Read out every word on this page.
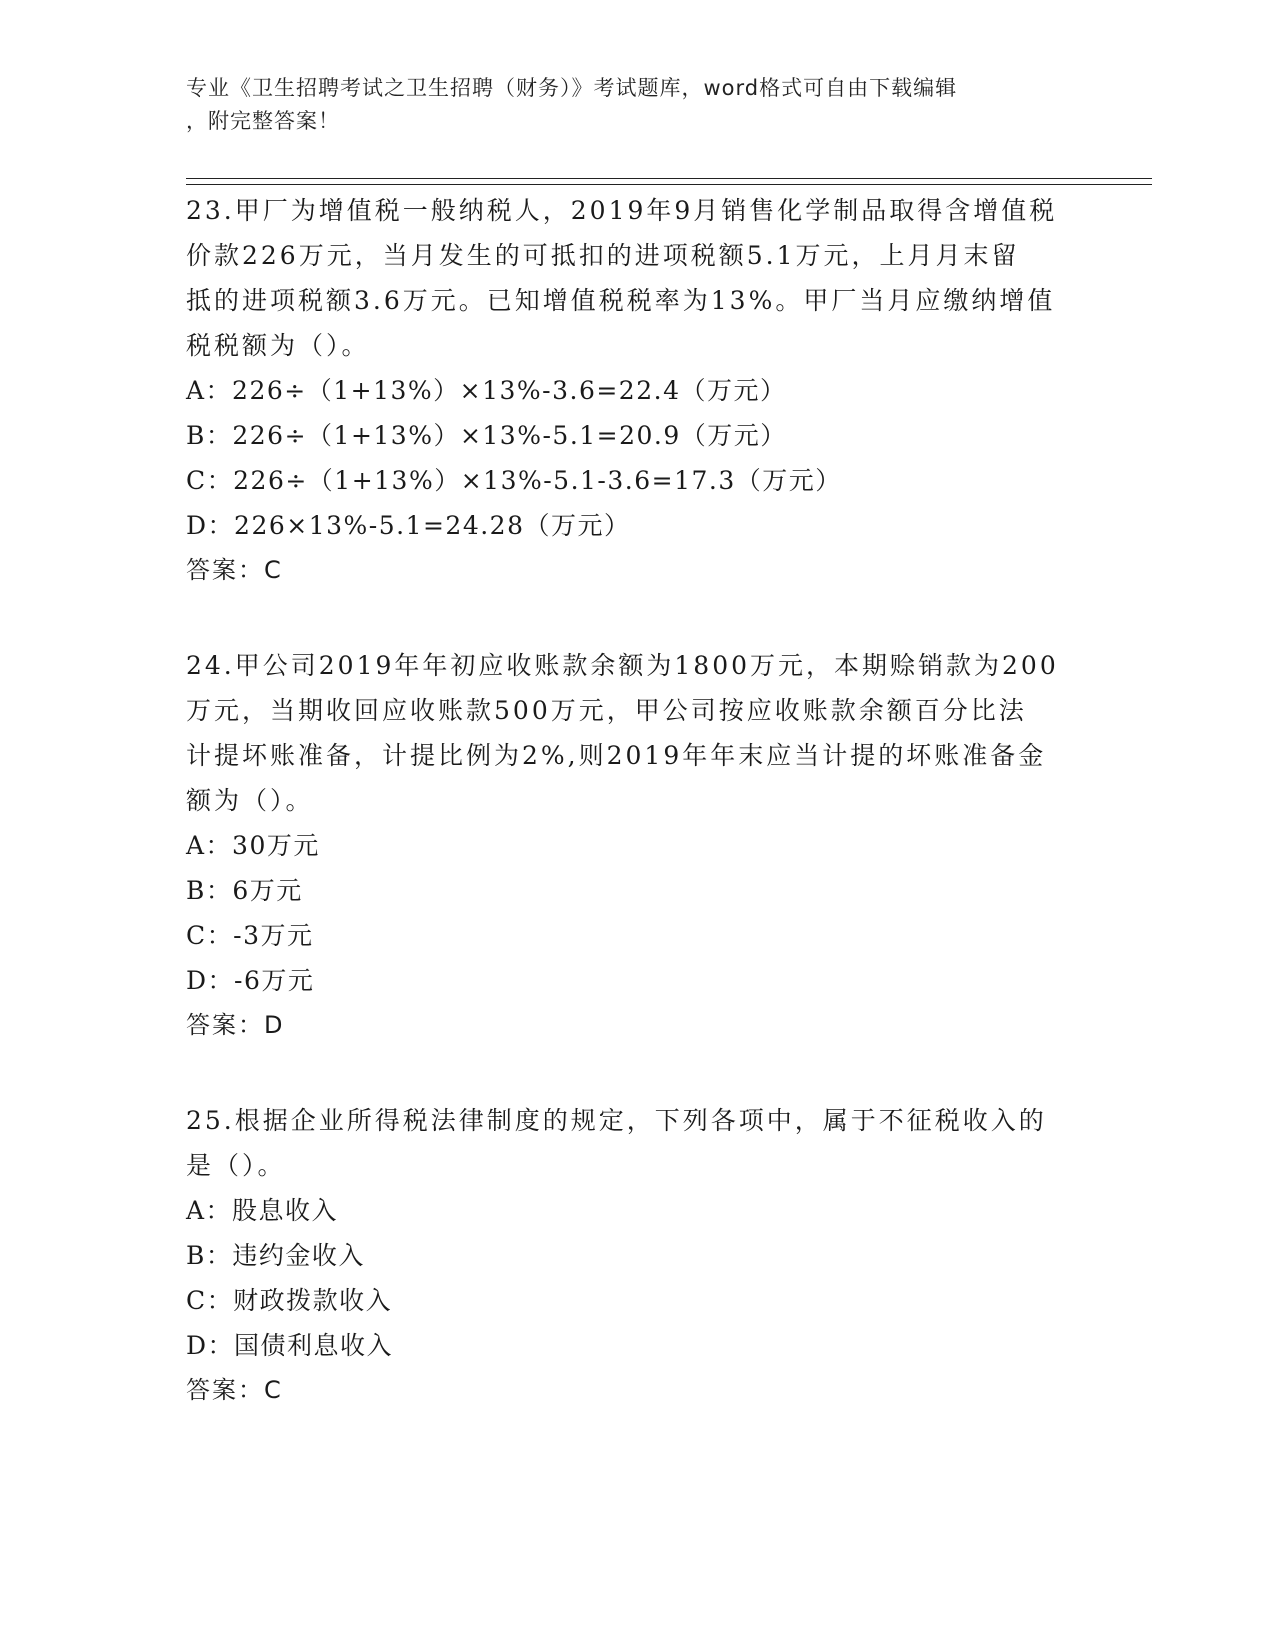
专业《卫生招聘考试之卫生招聘（财务）》考试题库，word格式可自由下载编辑
，附完整答案！

23.甲厂为增值税一般纳税人，2019年9月销售化学制品取得含增值税

价款226万元，当月发生的可抵扣的进项税额5.1万元，上月月末留

抵的进项税额3.6万元。已知增值税税率为13%。甲厂当月应缴纳增值

税税额为（）。

A：226÷（1+13%）×13%-3.6=22.4（万元）

B：226÷（1+13%）×13%-5.1=20.9（万元）

C：226÷（1+13%）×13%-5.1-3.6=17.3（万元）

D：226×13%-5.1=24.28（万元）

答案：C

24.甲公司2019年年初应收账款余额为1800万元，本期赊销款为200

万元，当期收回应收账款500万元，甲公司按应收账款余额百分比法

计提坏账准备，计提比例为2%,则2019年年末应当计提的坏账准备金

额为（）。

A：30万元

B：6万元

C：-3万元

D：-6万元

答案：D

25.根据企业所得税法律制度的规定，下列各项中，属于不征税收入的

是（）。

A：股息收入

B：违约金收入

C：财政拨款收入

D：国债利息收入

答案：C
